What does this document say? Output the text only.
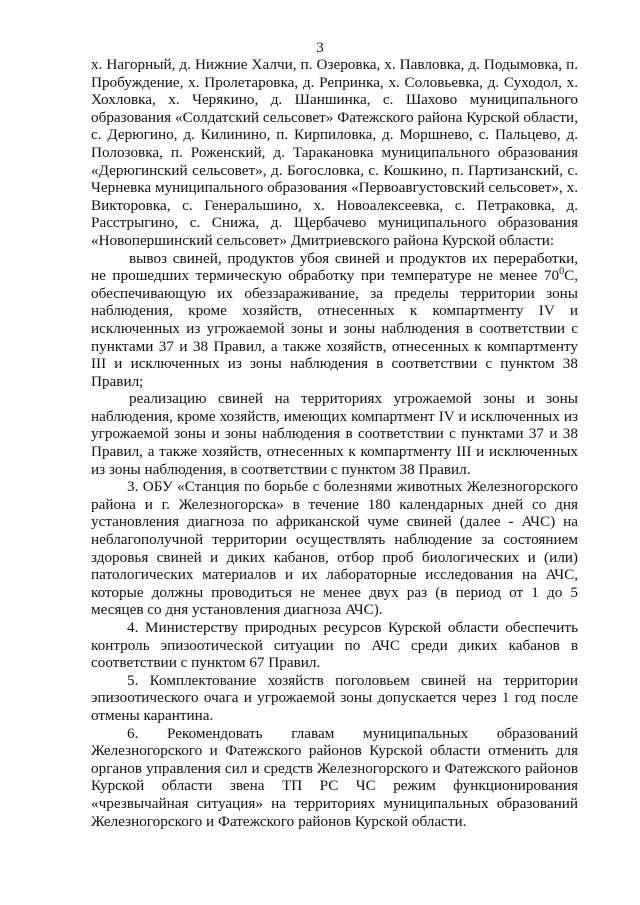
3

х. Нагорный, д. Нижние Халчи, п. Озеровка, х. Павловка, д. Подымовка, п. Пробуждение, х. Пролетаровка, д. Репринка, х. Соловьевка, д. Суходол, х. Хохловка, х. Черякино, д. Шаншинка, с. Шахово муниципального образования «Солдатский сельсовет» Фатежского района Курской области, с. Дерюгино, д. Килинино, п. Кирпиловка, д. Моршнево, с. Пальцево, д. Полозовка, п. Роженский, д. Таракановка муниципального образования «Дерюгинский сельсовет», д. Богословка, с. Кошкино, п. Партизанский, с. Черневка муниципального образования «Первоавгустовский сельсовет», х. Викторовка, с. Генеральшино, х. Новоалексеевка, с. Петраковка, д. Расстрыгино, с. Снижа, д. Щербачево муниципального образования «Новопершинский сельсовет» Дмитриевского района Курской области:

вывоз свиней, продуктов убоя свиней и продуктов их переработки, не прошедших термическую обработку при температуре не менее $70^0С$, обеспечивающую их обеззараживание, за пределы территории зоны наблюдения, кроме хозяйств, отнесенных к компартменту IV и исключенных из угрожаемой зоны и зоны наблюдения в соответствии с пунктами 37 и 38 Правил, а также хозяйств, отнесенных к компартменту III и исключенных из зоны наблюдения в соответствии с пунктом 38 Правил;

реализацию свиней на территориях угрожаемой зоны и зоны наблюдения, кроме хозяйств, имеющих компартмент IV и исключенных из угрожаемой зоны и зоны наблюдения в соответствии с пунктами 37 и 38 Правил, а также хозяйств, отнесенных к компартменту III и исключенных из зоны наблюдения, в соответствии с пунктом 38 Правил.

3. ОБУ «Станция по борьбе с болезнями животных Железногорского района и г. Железногорска» в течение 180 календарных дней со дня установления диагноза по африканской чуме свиней (далее - АЧС) на неблагополучной территории осуществлять наблюдение за состоянием здоровья свиней и диких кабанов, отбор проб биологических и (или) патологических материалов и их лабораторные исследования на АЧС, которые должны проводиться не менее двух раз (в период от 1 до 5 месяцев со дня установления диагноза АЧС).

4. Министерству природных ресурсов Курской области обеспечить контроль эпизоотической ситуации по АЧС среди диких кабанов в соответствии с пунктом 67 Правил.

5. Комплектование хозяйств поголовьем свиней на территории эпизоотического очага и угрожаемой зоны допускается через 1 год после отмены карантина.

6. Рекомендовать главам муниципальных образований Железногорского и Фатежского районов Курской области отменить для органов управления сил и средств Железногорского и Фатежского районов Курской области звена ТП РС ЧС режим функционирования «чрезвычайная ситуация» на территориях муниципальных образований Железногорского и Фатежского районов Курской области.
